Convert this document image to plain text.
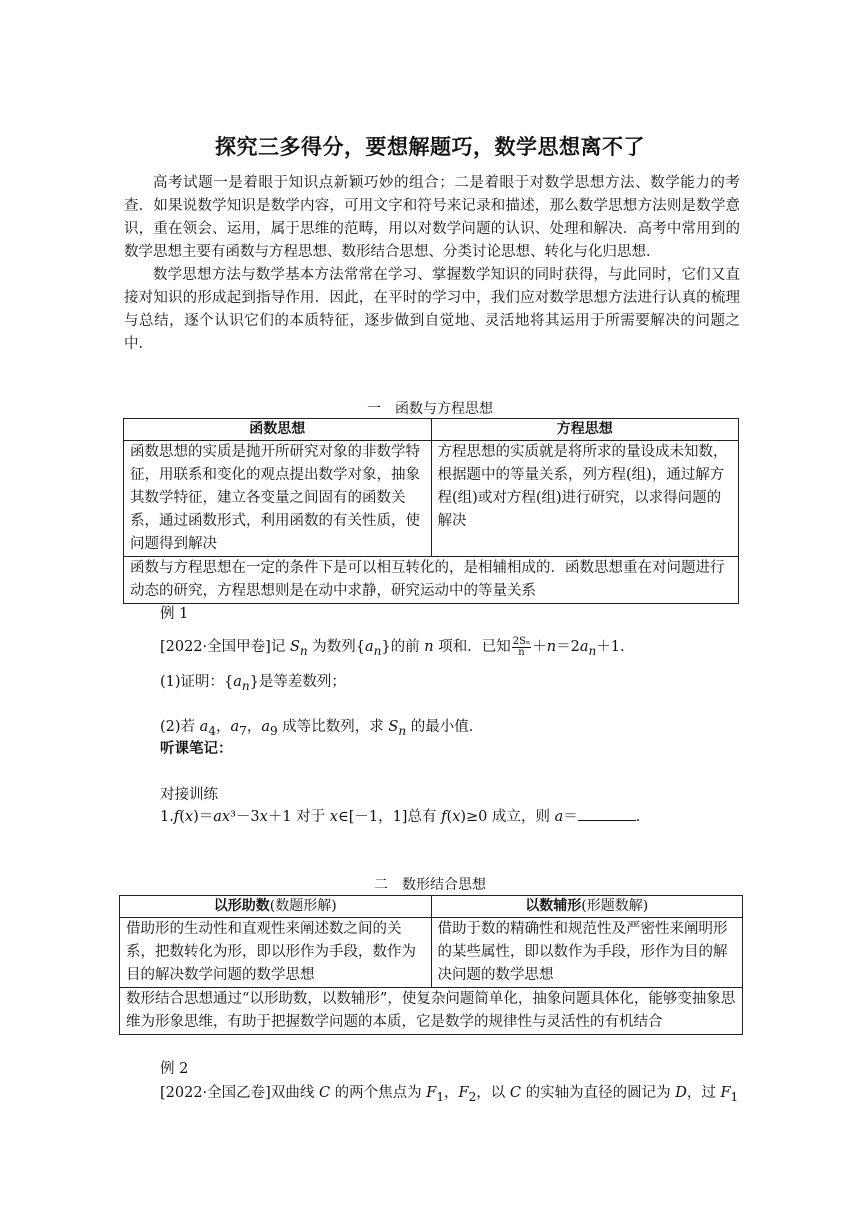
探究三多得分，要想解题巧，数学思想离不了

高考试题一是着眼于知识点新颖巧妙的组合；二是着眼于对数学思想方法、数学能力的考查．如果说数学知识是数学内容，可用文字和符号来记录和描述，那么数学思想方法则是数学意识，重在领会、运用，属于思维的范畴，用以对数学问题的认识、处理和解决．高考中常用到的数学思想主要有函数与方程思想、数形结合思想、分类讨论思想、转化与化归思想．

数学思想方法与数学基本方法常常在学习、掌握数学知识的同时获得，与此同时，它们又直接对知识的形成起到指导作用．因此，在平时的学习中，我们应对数学思想方法进行认真的梳理与总结，逐个认识它们的本质特征，逐步做到自觉地、灵活地将其运用于所需要解决的问题之中．

一　函数与方程思想
函数思想	方程思想
函数思想的实质是抛开所研究对象的非数学特征，用联系和变化的观点提出数学对象，抽象其数学特征，建立各变量之间固有的函数关系，通过函数形式，利用函数的有关性质，使问题得到解决	方程思想的实质就是将所求的量设成未知数，根据题中的等量关系，列方程(组)，通过解方程(组)或对方程(组)进行研究，以求得问题的解决
函数与方程思想在一定的条件下是可以相互转化的，是相辅相成的．函数思想重在对问题进行动态的研究，方程思想则是在动中求静，研究运动中的等量关系	
例 1
[2022·全国甲卷]记 $S_n$ 为数列$\{a_n\}$的前 n 项和．已知 $\frac{\text{2Sₙ}}{n} +n=2a_n+1$.
(1)证明：$\{a_n\}$是等差数列；
(2)若 $a_4$，$a_7$，$a_9$ 成等比数列，求 $S_n$ 的最小值．
听课笔记：
对接训练
1.f(x)＝ax³－3x＋1 对于 x∈[－1，1]总有 f(x)≥0 成立，则 a＝	.
二　数形结合思想
以形助数(数题形解)	以数辅形(形题数解)
借助形的生动性和直观性来阐述数之间的关系，把数转化为形，即以形作为手段，数作为目的解决数学问题的数学思想	借助于数的精确性和规范性及严密性来阐明形的某些属性，即以数作为手段，形作为目的解决问题的数学思想
数形结合思想通过“以形助数，以数辅形”，使复杂问题简单化，抽象问题具体化，能够变抽象思维为形象思维，有助于把握数学问题的本质，它是数学的规律性与灵活性的有机结合	
例 2
[2022·全国乙卷]双曲线 C 的两个焦点为 $F_1$，$F_2$，以 C 的实轴为直径的圆记为 D，过 $F_1$
